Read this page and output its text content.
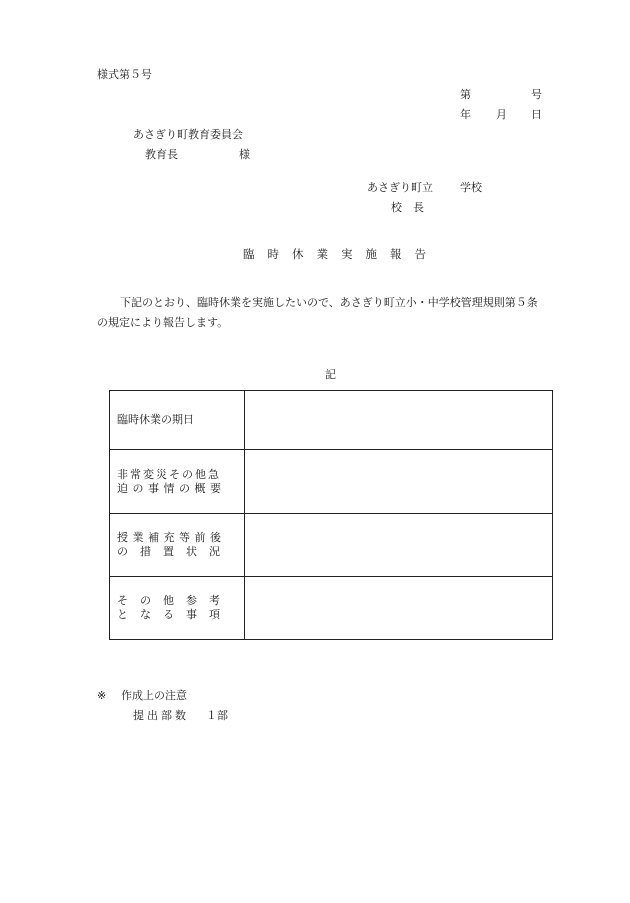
様式第５号
第	号
年 月 日
あさぎり町教育委員会
教育長	様
あさぎり町立 学校
校長
臨時休業実施報告
下記のとおり、臨時休業を実施したいので、あさぎり町立小・中学校管理規則第５条
の規定により報告します。
記
臨時休業の期日	

非常変災その他急
迫の事情の概要	

授業補充等前後
の措置状況	

その他参考
となる事項	

※ 作成上の注意
提出部数 １部
